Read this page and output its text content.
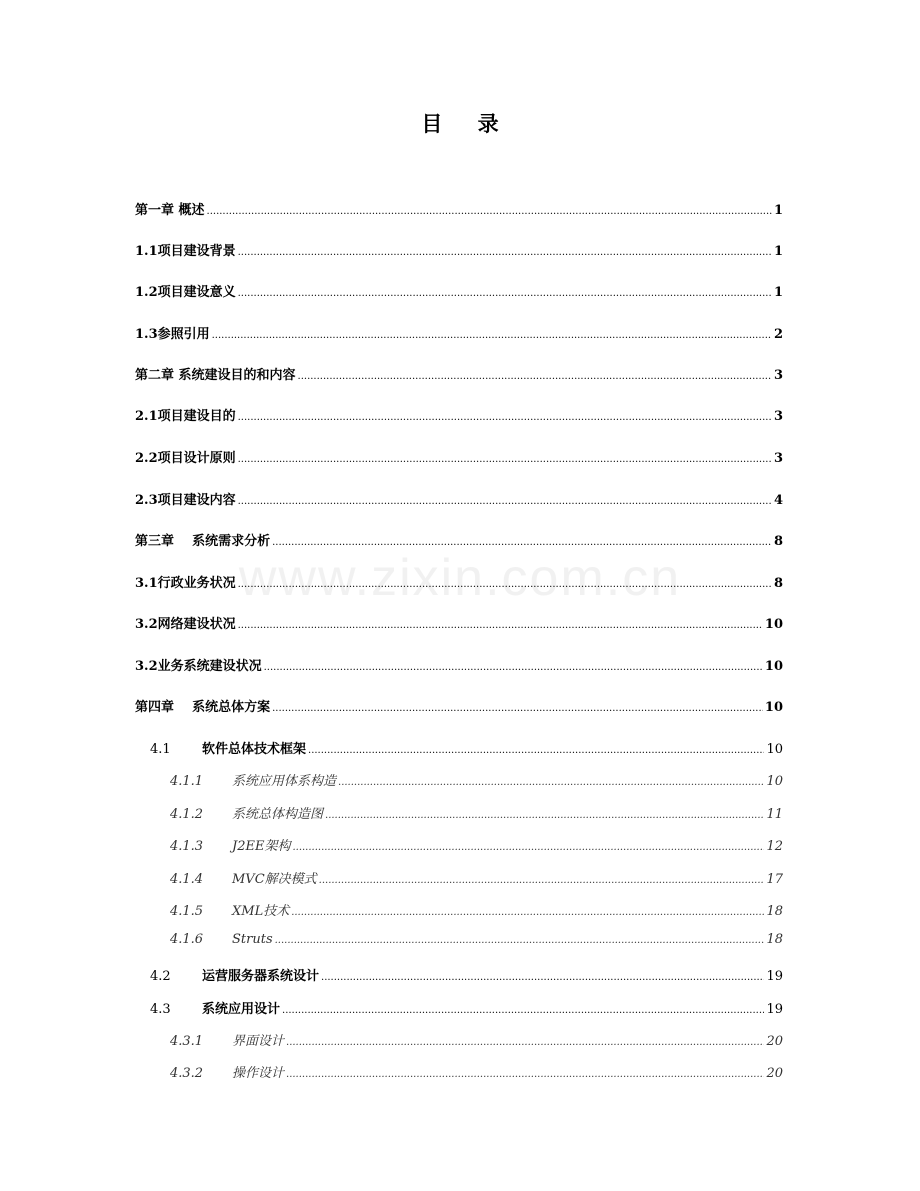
目 录
www.zixin.com.cn
第一章 概述 .....	1
1.1项目建设背景 .....	1
1.2项目建设意义 .....	1
1.3参照引用 .....	2
第二章 系统建设目的和内容 .....	3
2.1项目建设目的 .....	3
2.2项目设计原则 .....	3
2.3项目建设内容 .....	4
第三章    系统需求分析 .....	8
3.1行政业务状况 .....	8
3.2网络建设状况 .....	10
3.2业务系统建设状况 .....	10
第四章    系统总体方案 .....	10
4.1	软件总体技术框架 .....	10
4.1.1	系统应用体系构造 .....	10
4.1.2	系统总体构造图 .....	11
4.1.3	J2EE架构 .....	12
4.1.4	MVC解决模式 .....	17
4.1.5	XML技术 .....	18
4.1.6	Struts .....	18
4.2	运营服务器系统设计 .....	19
4.3	系统应用设计 .....	19
4.3.1	界面设计 .....	20
4.3.2	操作设计 .....	20
